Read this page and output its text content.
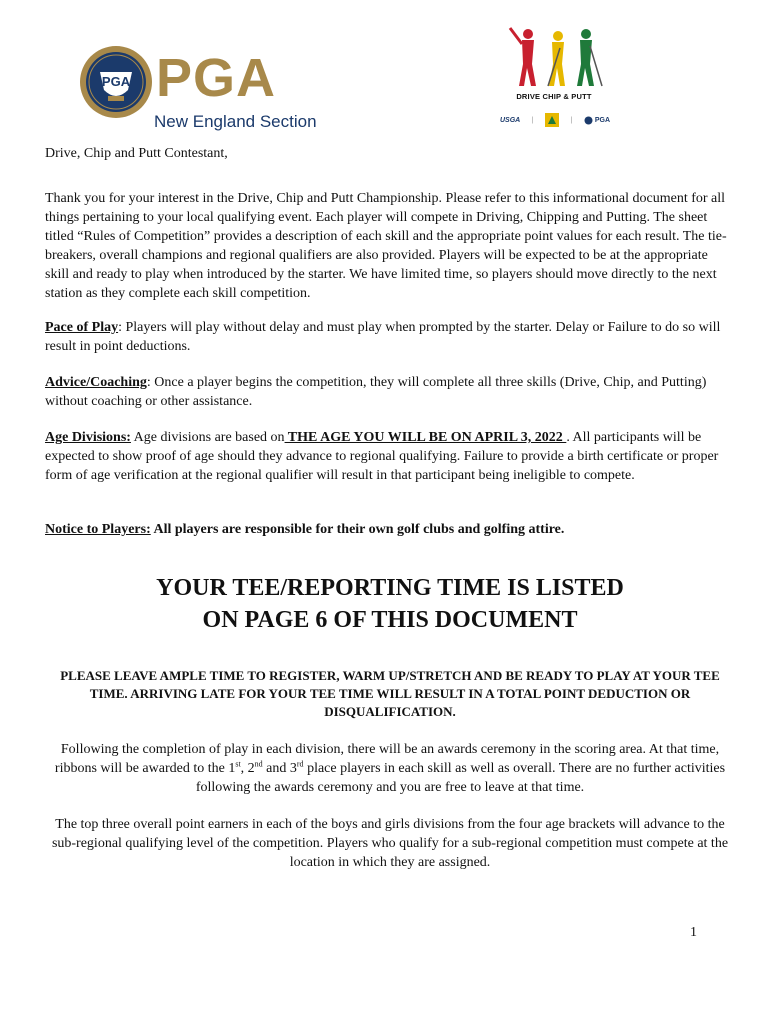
PGA PGA
New England Section
DRIVE CHIP & PUTT
USGA |	|	PGA

Drive, Chip and Putt Contestant,

Thank you for your interest in the Drive, Chip and Putt Championship. Please refer to this informational document for all things pertaining to your local qualifying event. Each player will compete in Driving, Chipping and Putting. The sheet titled “Rules of Competition” provides a description of each skill and the appropriate point values for each result. The tie-breakers, overall champions and regional qualifiers are also provided. Players will be expected to be at the appropriate skill and ready to play when introduced by the starter. We have limited time, so players should move directly to the next station as they complete each skill competition.

Pace of Play: Players will play without delay and must play when prompted by the starter. Delay or Failure to do so will result in point deductions.

Advice/Coaching: Once a player begins the competition, they will complete all three skills (Drive, Chip, and Putting) without coaching or other assistance.

Age Divisions: Age divisions are based on THE AGE YOU WILL BE ON APRIL 3, 2022 . All participants will be expected to show proof of age should they advance to regional qualifying. Failure to provide a birth certificate or proper form of age verification at the regional qualifier will result in that participant being ineligible to compete.

Notice to Players: All players are responsible for their own golf clubs and golfing attire.

YOUR TEE/REPORTING TIME IS LISTED
ON PAGE 6 OF THIS DOCUMENT

PLEASE LEAVE AMPLE TIME TO REGISTER, WARM UP/STRETCH AND BE READY TO PLAY AT YOUR TEE TIME. ARRIVING LATE FOR YOUR TEE TIME WILL RESULT IN A TOTAL POINT DEDUCTION OR DISQUALIFICATION.

Following the completion of play in each division, there will be an awards ceremony in the scoring area. At that time, ribbons will be awarded to the 1st, 2nd and 3rd place players in each skill as well as overall. There are no further activities following the awards ceremony and you are free to leave at that time.

The top three overall point earners in each of the boys and girls divisions from the four age brackets will advance to the sub-regional qualifying level of the competition. Players who qualify for a sub-regional competition must compete at the location in which they are assigned.

1
